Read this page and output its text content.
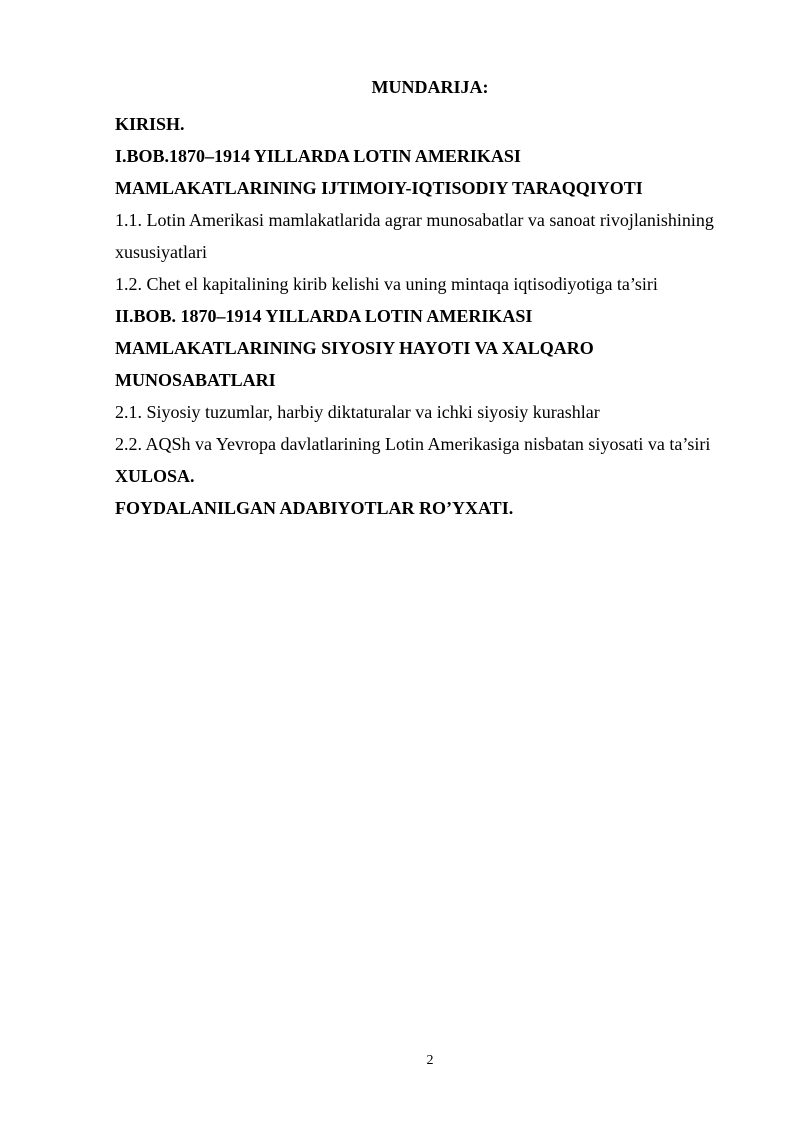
MUNDARIJA:
KIRISH.
I.BOB.1870–1914 YILLARDA LOTIN AMERIKASI
MAMLAKATLARINING IJTIMOIY-IQTISODIY TARAQQIYOTI
1.1. Lotin Amerikasi mamlakatlarida agrar munosabatlar va sanoat rivojlanishining
xususiyatlari
1.2. Chet el kapitalining kirib kelishi va uning mintaqa iqtisodiyotiga ta’siri
II.BOB. 1870–1914 YILLARDA LOTIN AMERIKASI
MAMLAKATLARINING SIYOSIY HAYOTI VA XALQARO
MUNOSABATLARI
2.1. Siyosiy tuzumlar, harbiy diktaturalar va ichki siyosiy kurashlar
2.2. AQSh va Yevropa davlatlarining Lotin Amerikasiga nisbatan siyosati va ta’siri
XULOSA.
FOYDALANILGAN ADABIYOTLAR RO’YXATI.
2
